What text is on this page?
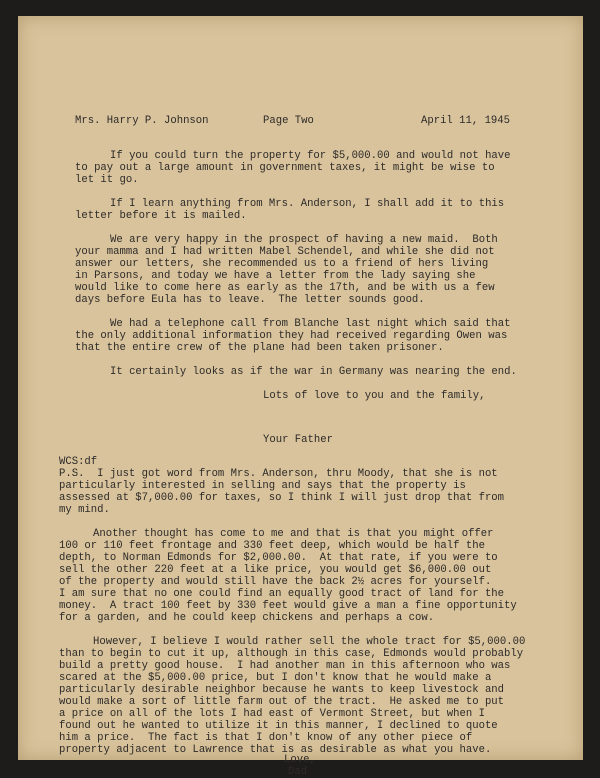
Mrs. Harry P. Johnson	Page Two	April 11, 1945
If you could turn the property for $5,000.00 and would not have
to pay out a large amount in government taxes, it might be wise to
let it go.
If I learn anything from Mrs. Anderson, I shall add it to this
letter before it is mailed.
We are very happy in the prospect of having a new maid.  Both
your mamma and I had written Mabel Schendel, and while she did not
answer our letters, she recommended us to a friend of hers living
in Parsons, and today we have a letter from the lady saying she
would like to come here as early as the 17th, and be with us a few
days before Eula has to leave.  The letter sounds good.
We had a telephone call from Blanche last night which said that
the only additional information they had received regarding Owen was
that the entire crew of the plane had been taken prisoner.
It certainly looks as if the war in Germany was nearing the end.
Lots of love to you and the family,
Your Father
WCS:df
P.S.  I just got word from Mrs. Anderson, thru Moody, that she is not
particularly interested in selling and says that the property is
assessed at $7,000.00 for taxes, so I think I will just drop that from
my mind.
Another thought has come to me and that is that you might offer
100 or 110 feet frontage and 330 feet deep, which would be half the
depth, to Norman Edmonds for $2,000.00.  At that rate, if you were to
sell the other 220 feet at a like price, you would get $6,000.00 out
of the property and would still have the back 2½ acres for yourself.
I am sure that no one could find an equally good tract of land for the
money.  A tract 100 feet by 330 feet would give a man a fine opportunity
for a garden, and he could keep chickens and perhaps a cow.
However, I believe I would rather sell the whole tract for $5,000.00
than to begin to cut it up, although in this case, Edmonds would probably
build a pretty good house.  I had another man in this afternoon who was
scared at the $5,000.00 price, but I don't know that he would make a
particularly desirable neighbor because he wants to keep livestock and
would make a sort of little farm out of the tract.  He asked me to put
a price on all of the lots I had east of Vermont Street, but when I
found out he wanted to utilize it in this manner, I declined to quote
him a price.  The fact is that I don't know of any other piece of
property adjacent to Lawrence that is as desirable as what you have.
Love,
Dad
